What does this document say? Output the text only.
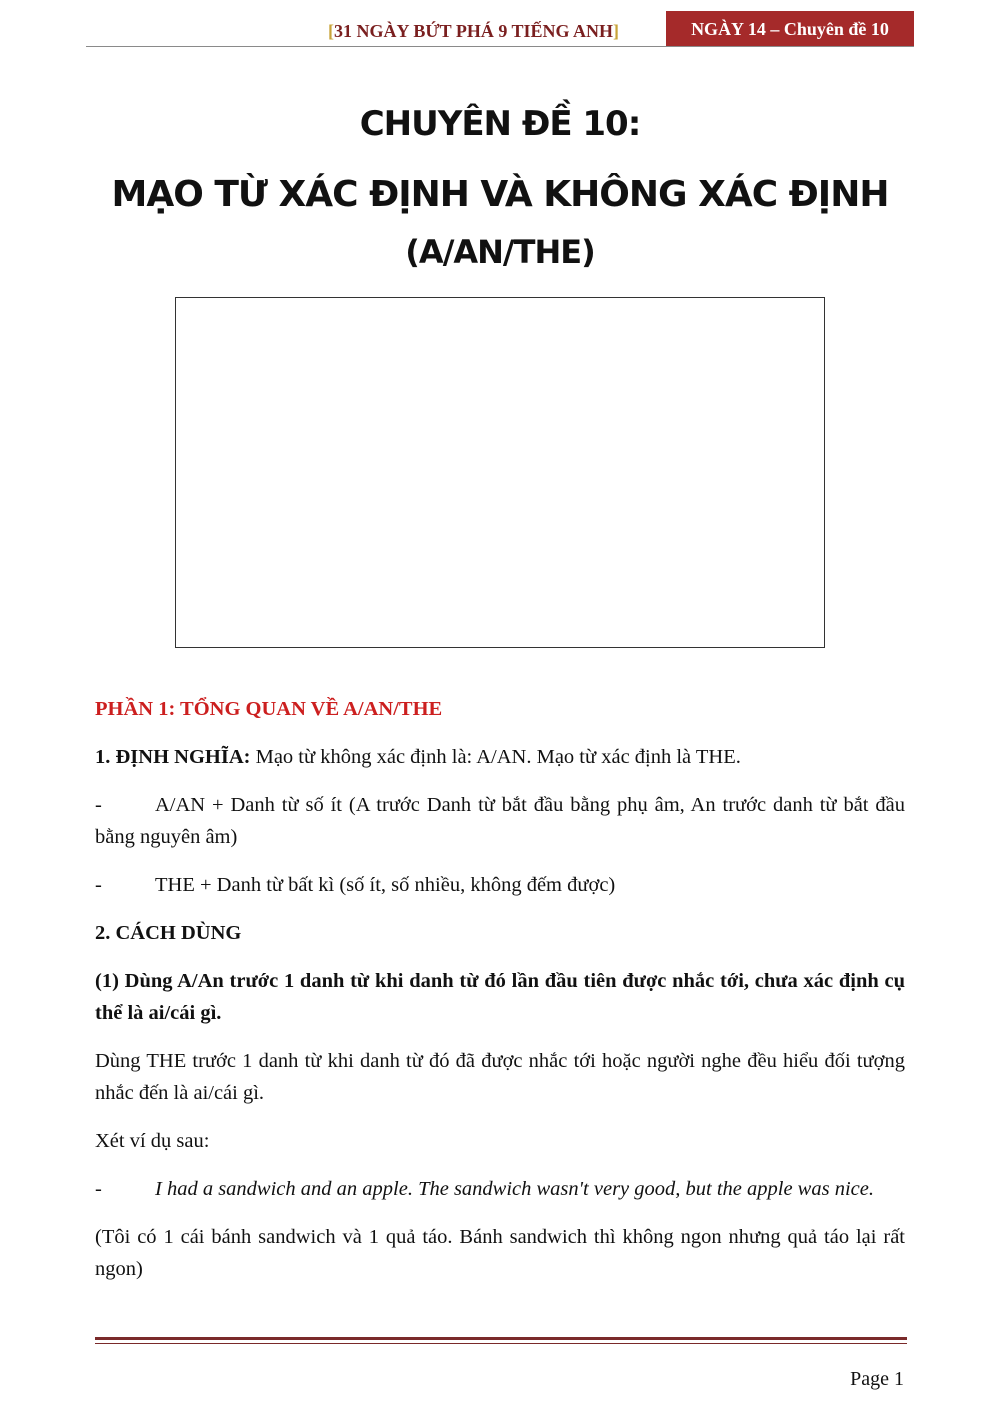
[31 NGÀY BỨT PHÁ 9 TIẾNG ANH]	NGÀY 14 – Chuyên đề 10
CHUYÊN ĐỀ 10:
MẠO TỪ XÁC ĐỊNH VÀ KHÔNG XÁC ĐỊNH
(A/AN/THE)

PHẦN 1: TỔNG QUAN VỀ A/AN/THE

1. ĐỊNH NGHĨA: Mạo từ không xác định là: A/AN. Mạo từ xác định là THE.

-	A/AN + Danh từ số ít (A trước Danh từ bắt đầu bằng phụ âm, An trước danh từ bắt đầu bằng nguyên âm)

-	THE + Danh từ bất kì (số ít, số nhiều, không đếm được)

2. CÁCH DÙNG

(1) Dùng A/An trước 1 danh từ khi danh từ đó lần đầu tiên được nhắc tới, chưa xác định cụ thể là ai/cái gì.

Dùng THE trước 1 danh từ khi danh từ đó đã được nhắc tới hoặc người nghe đều hiểu đối tượng nhắc đến là ai/cái gì.

Xét ví dụ sau:

-	I had a sandwich and an apple. The sandwich wasn't very good, but the apple was nice.

(Tôi có 1 cái bánh sandwich và 1 quả táo. Bánh sandwich thì không ngon nhưng quả táo lại rất ngon)

Page 1
